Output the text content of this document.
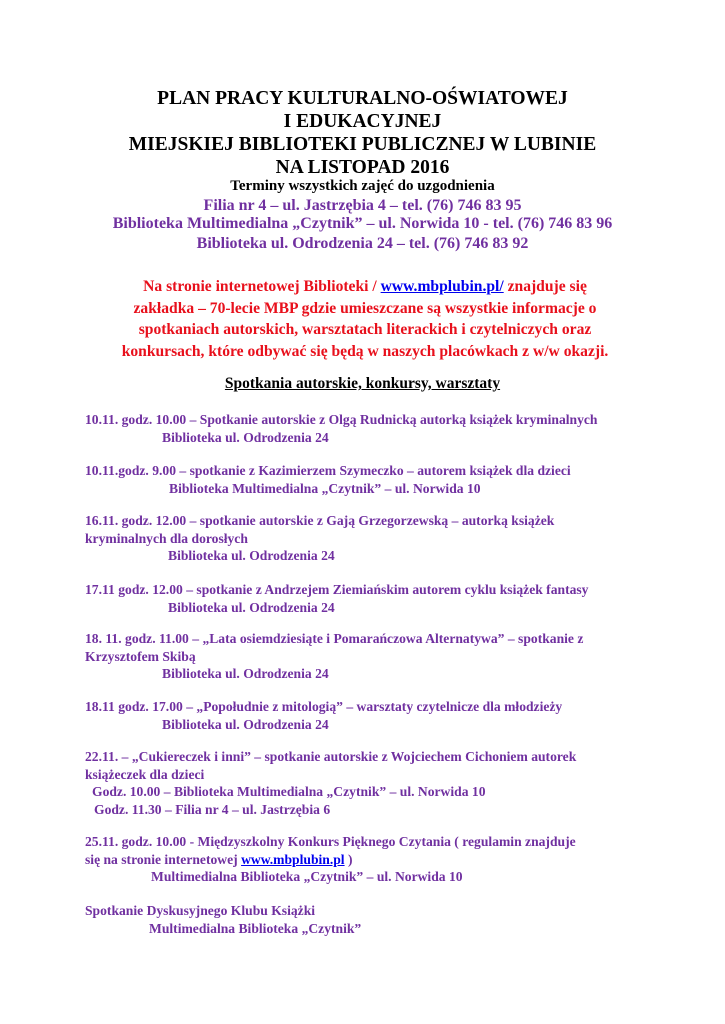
PLAN PRACY KULTURALNO-OŚWIATOWEJ
I EDUKACYJNEJ
MIEJSKIEJ BIBLIOTEKI PUBLICZNEJ W LUBINIE
NA LISTOPAD 2016
Terminy wszystkich zajęć do uzgodnienia
Filia nr 4 – ul. Jastrzębia 4 – tel. (76) 746 83 95
Biblioteka Multimedialna „Czytnik” – ul. Norwida 10 - tel. (76) 746 83 96
Biblioteka ul. Odrodzenia 24 – tel. (76) 746 83 92
Na stronie internetowej Biblioteki / www.mbplubin.pl/ znajduje się
zakładka – 70-lecie MBP gdzie umieszczane są wszystkie informacje o
spotkaniach autorskich, warsztatach literackich i czytelniczych oraz
konkursach, które odbywać się będą w naszych placówkach z w/w okazji.
Spotkania autorskie, konkursy, warsztaty
10.11. godz. 10.00 – Spotkanie autorskie z Olgą Rudnicką autorką książek kryminalnych
Biblioteka ul. Odrodzenia 24
10.11.godz. 9.00 – spotkanie z Kazimierzem Szymeczko – autorem książek dla dzieci
Biblioteka Multimedialna „Czytnik” – ul. Norwida 10
16.11. godz. 12.00 – spotkanie autorskie z Gają Grzegorzewską – autorką książek
kryminalnych dla dorosłych
Biblioteka ul. Odrodzenia 24
17.11 godz. 12.00 – spotkanie z Andrzejem Ziemiańskim autorem cyklu książek fantasy
Biblioteka ul. Odrodzenia 24
18. 11. godz. 11.00 – „Lata osiemdziesiąte i Pomarańczowa Alternatywa” – spotkanie z
Krzysztofem Skibą
Biblioteka ul. Odrodzenia 24
18.11 godz. 17.00 – „Popołudnie z mitologią” – warsztaty czytelnicze dla młodzieży
Biblioteka ul. Odrodzenia 24
22.11. – „Cukiereczek i inni” – spotkanie autorskie z Wojciechem Cichoniem autorek
książeczek dla dzieci
Godz. 10.00 – Biblioteka Multimedialna „Czytnik” – ul. Norwida 10
Godz. 11.30 – Filia nr 4 – ul. Jastrzębia 6
25.11. godz. 10.00 - Międzyszkolny Konkurs Pięknego Czytania ( regulamin znajduje
się na stronie internetowej www.mbplubin.pl )
Multimedialna Biblioteka „Czytnik” – ul. Norwida 10
Spotkanie Dyskusyjnego Klubu Książki
Multimedialna Biblioteka „Czytnik”
